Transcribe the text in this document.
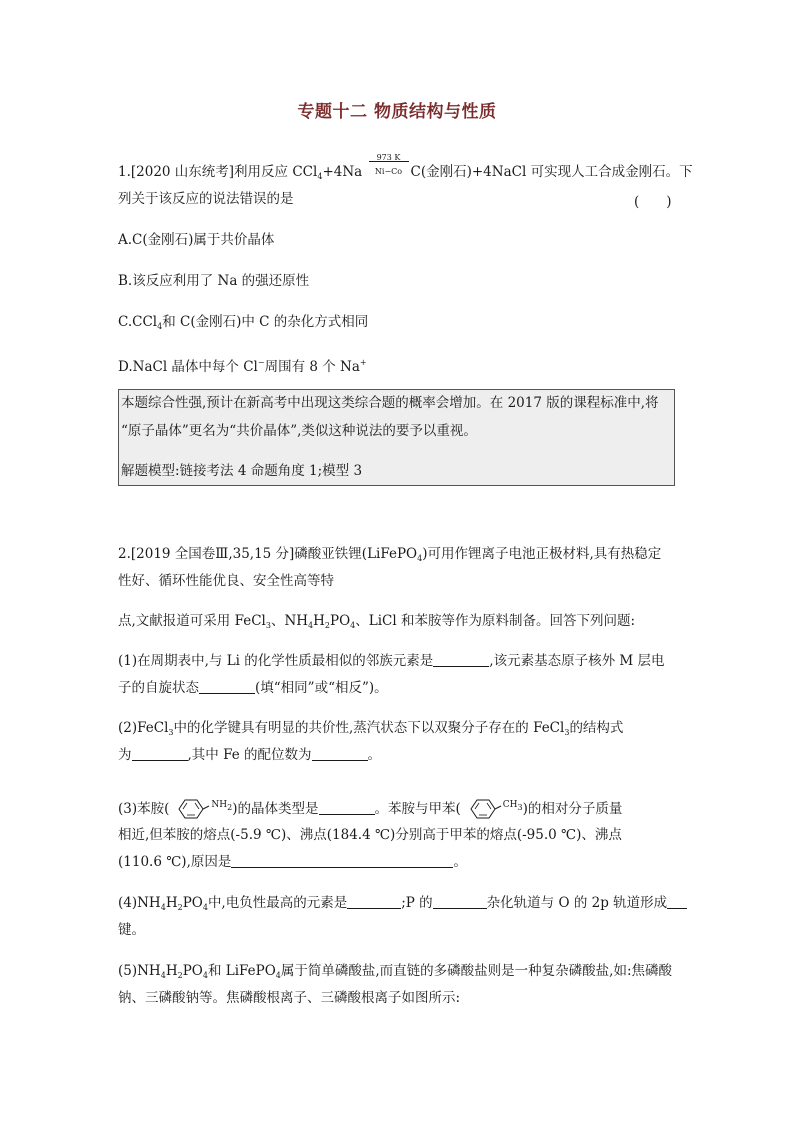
专题十二 物质结构与性质
1.[2020 山东统考]利用反应 $CCl_4+4Na \frac{973 K}{Ni-Co} C$(金刚石)+4NaCl 可实现人工合成金刚石。下
列关于该反应的说法错误的是	(　　)
A.C(金刚石)属于共价晶体
B.该反应利用了 Na 的强还原性
C.CCl$_4$和 C(金刚石)中 C 的杂化方式相同
D.NaCl 晶体中每个 Cl−周围有 8 个 Na+
本题综合性强,预计在新高考中出现这类综合题的概率会增加。在 2017 版的课程标准中,将
“原子晶体”更名为“共价晶体”,类似这种说法的要予以重视。
解题模型:链接考法 4 命题角度 1;模型 3
2.[2019 全国卷Ⅲ,35,15 分]磷酸亚铁锂(LiFePO$_4$)可用作锂离子电池正极材料,具有热稳定
性好、循环性能优良、安全性高等特
点,文献报道可采用 FeCl$_3$、$NH_4H_2PO_4$、LiCl 和苯胺等作为原料制备。回答下列问题:
(1)在周期表中,与 Li 的化学性质最相似的邻族元素是	,该元素基态原子核外 M 层电
子的自旋状态	(填“相同”或“相反”)。
(2)FeCl$_3$中的化学键具有明显的共价性,蒸汽状态下以双聚分子存在的 FeCl$_3$的结构式
为	,其中 Fe 的配位数为	。
(3)苯胺(	$^{NH2}$)的晶体类型是	。苯胺与甲苯(	$^{CH3}$)的相对分子质量
相近,但苯胺的熔点(-5.9 ℃)、沸点(184.4 ℃)分别高于甲苯的熔点(-95.0 ℃)、沸点
(110.6 ℃),原因是	。
$(4)NH_4H_2PO_4$中,电负性最高的元素是	;P 的	杂化轨道与 O 的 2p 轨道形成
键。
$(5)NH_4H_2PO_4$和 LiFePO$_4$属于简单磷酸盐,而直链的多磷酸盐则是一种复杂磷酸盐,如:焦磷酸
钠、三磷酸钠等。焦磷酸根离子、三磷酸根离子如图所示:
